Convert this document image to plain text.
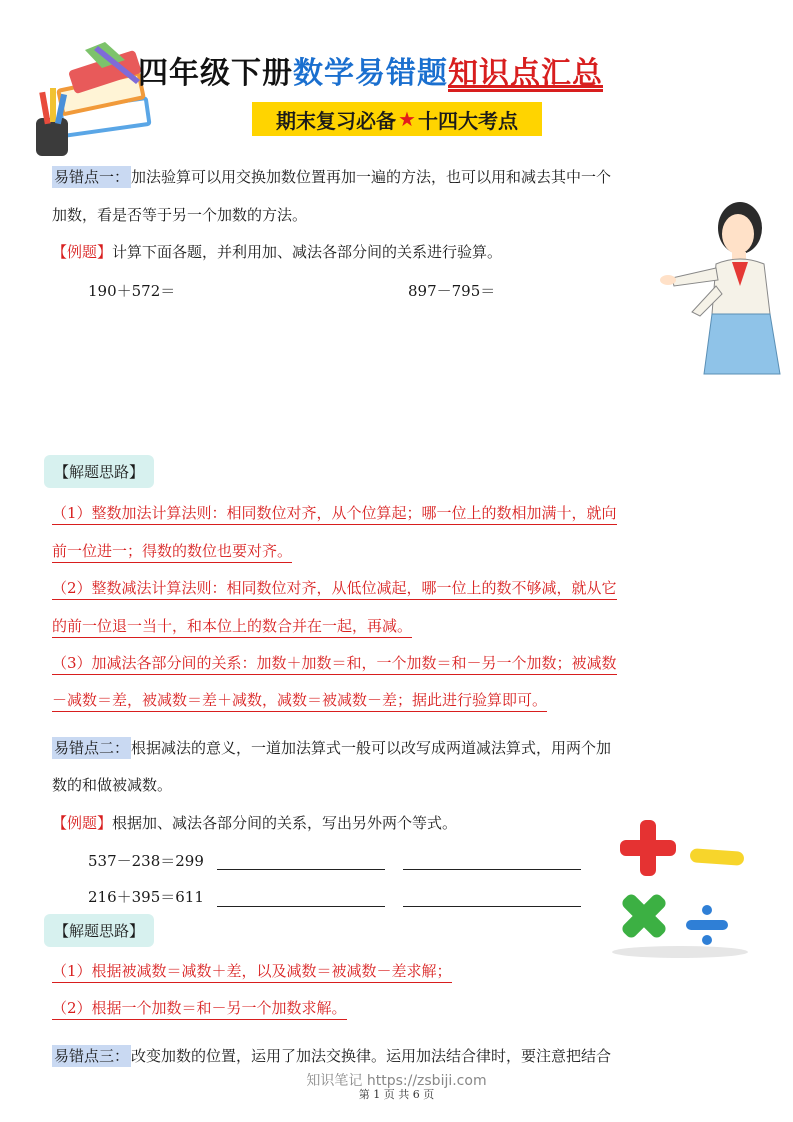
四年级下册数学易错题知识点汇总
期末复习必备 ★ 十四大考点
易错点一： 加法验算可以用交换加数位置再加一遍的方法，也可以用和减去其中一个
加数，看是否等于另一个加数的方法。
【例题】计算下面各题，并利用加、减法各部分间的关系进行验算。
190＋572＝	897－795＝
【解题思路】
（1）整数加法计算法则：相同数位对齐，从个位算起；哪一位上的数相加满十，就向
前一位进一；得数的数位也要对齐。
（2）整数减法计算法则：相同数位对齐，从低位减起，哪一位上的数不够减，就从它
的前一位退一当十，和本位上的数合并在一起，再减。
（3）加减法各部分间的关系：加数＋加数＝和，一个加数＝和－另一个加数；被减数
－减数＝差，被减数＝差＋减数，减数＝被减数－差；据此进行验算即可。
易错点二： 根据减法的意义，一道加法算式一般可以改写成两道减法算式，用两个加
数的和做被减数。
【例题】根据加、减法各部分间的关系，写出另外两个等式。
537－238＝299
216＋395＝611
【解题思路】
（1）根据被减数＝减数＋差，以及减数＝被减数－差求解；
（2）根据一个加数＝和－另一个加数求解。
易错点三： 改变加数的位置，运用了加法交换律。运用加法结合律时，要注意把结合
知识笔记 https://zsbiji.com
第 1 页 共 6 页
